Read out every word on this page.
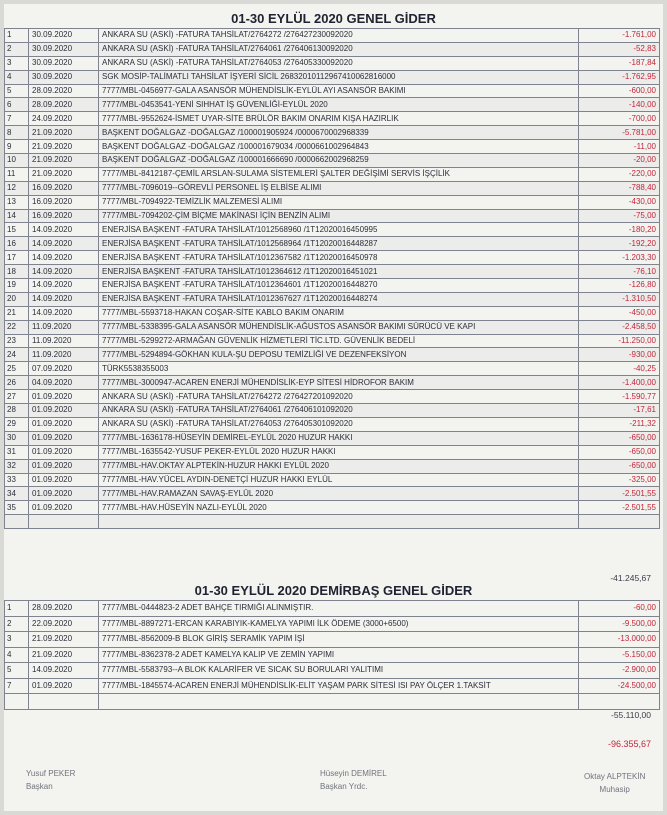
01-30 EYLÜL 2020 GENEL GİDER
1	30.09.2020	ANKARA SU (ASKİ) -FATURA TAHSİLAT/2764272 /276427230092020	-1.761,00
2	30.09.2020	ANKARA SU (ASKİ) -FATURA TAHSİLAT/2764061 /276406130092020	-52,83
3	30.09.2020	ANKARA SU (ASKİ) -FATURA TAHSİLAT/2764053 /276405330092020	-187,84
4	30.09.2020	SGK MOSİP-TALİMATLI TAHSİLAT İŞYERİ SİCİL 26832010112967410062816000	-1.762,95
5	28.09.2020	7777/MBL-0456977-GALA ASANSÖR MÜHENDİSLİK-EYLÜL AYI ASANSÖR BAKIMI	-600,00
6	28.09.2020	7777/MBL-0453541-YENİ SIHHAT İŞ GÜVENLİĞİ-EYLÜL 2020	-140,00
7	24.09.2020	7777/MBL-9552624-İSMET UYAR-SİTE BRÜLÖR BAKIM ONARIM KIŞA HAZIRLIK	-700,00
8	21.09.2020	BAŞKENT DOĞALGAZ -DOĞALGAZ /100001905924 /0000670002968339	-5.781,00
9	21.09.2020	BAŞKENT DOĞALGAZ -DOĞALGAZ /100001679034 /0000661002964843	-11,00
10	21.09.2020	BAŞKENT DOĞALGAZ -DOĞALGAZ /100001666690 /0000662002968259	-20,00
11	21.09.2020	7777/MBL-8412187-ÇEMİL ARSLAN-SULAMA SİSTEMLERİ ŞALTER DEĞİŞİMİ SERVİS İŞÇİLİK	-220,00
12	16.09.2020	7777/MBL-7096019--GÖREVLİ PERSONEL İŞ ELBİSE ALIMI	-788,40
13	16.09.2020	7777/MBL-7094922-TEMİZLİK MALZEMESİ ALIMI	-430,00
14	16.09.2020	7777/MBL-7094202-ÇİM BİÇME MAKİNASI İÇİN BENZİN ALIMI	-75,00
15	14.09.2020	ENERJİSA BAŞKENT -FATURA TAHSİLAT/1012568960 /1T12020016450995	-180,20
16	14.09.2020	ENERJİSA BAŞKENT -FATURA TAHSİLAT/1012568964 /1T12020016448287	-192,20
17	14.09.2020	ENERJİSA BAŞKENT -FATURA TAHSİLAT/1012367582 /1T12020016450978	-1.203,30
18	14.09.2020	ENERJİSA BAŞKENT -FATURA TAHSİLAT/1012364612 /1T12020016451021	-76,10
19	14.09.2020	ENERJİSA BAŞKENT -FATURA TAHSİLAT/1012364601 /1T12020016448270	-126,80
20	14.09.2020	ENERJİSA BAŞKENT -FATURA TAHSİLAT/1012367627 /1T12020016448274	-1.310,50
21	14.09.2020	7777/MBL-5593718-HAKAN COŞAR-SİTE KABLO BAKIM ONARIM	-450,00
22	11.09.2020	7777/MBL-5338395-GALA ASANSÖR MÜHENDİSLİK-AĞUSTOS ASANSÖR BAKIMI SÜRÜCÜ VE KAPI	-2.458,50
23	11.09.2020	7777/MBL-5299272-ARMAĞAN GÜVENLİK HİZMETLERİ TİC.LTD. GÜVENLİK BEDELİ	-11.250,00
24	11.09.2020	7777/MBL-5294894-GÖKHAN KULA-ŞU DEPOSU TEMİZLİĞİ VE DEZENFEKSİYON	-930,00
25	07.09.2020	TÜRK5538355003	-40,25
26	04.09.2020	7777/MBL-3000947-ACAREN ENERJİ MÜHENDİSLİK-EYP SİTESİ HİDROFOR BAKIM	-1.400,00
27	01.09.2020	ANKARA SU (ASKİ) -FATURA TAHSİLAT/2764272 /276427201092020	-1.590,77
28	01.09.2020	ANKARA SU (ASKİ) -FATURA TAHSİLAT/2764061 /276406101092020	-17,61
29	01.09.2020	ANKARA SU (ASKİ) -FATURA TAHSİLAT/2764053 /276405301092020	-211,32
30	01.09.2020	7777/MBL-1636178-HÜSEYİN DEMİREL-EYLÜL 2020 HUZUR HAKKI	-650,00
31	01.09.2020	7777/MBL-1635542-YUSUF PEKER-EYLÜL 2020 HUZUR HAKKI	-650,00
32	01.09.2020	7777/MBL-HAV.OKTAY ALPTEKİN-HUZUR HAKKI EYLÜL 2020	-650,00
33	01.09.2020	7777/MBL-HAV.YÜCEL AYDIN-DENETÇİ HUZUR HAKKI EYLÜL	-325,00
34	01.09.2020	7777/MBL-HAV.RAMAZAN SAVAŞ-EYLÜL 2020	-2.501,55
35	01.09.2020	7777/MBL-HAV.HÜSEYİN NAZLI-EYLÜL 2020	-2.501,55

-41.245,67
01-30 EYLÜL 2020 DEMİRBAŞ GENEL GİDER
1	28.09.2020	7777/MBL-0444823-2 ADET BAHÇE TIRMIĞI ALINMIŞTIR.	-60,00
2	22.09.2020	7777/MBL-8897271-ERCAN KARABIYIK-KAMELYA YAPIMI İLK ÖDEME (3000+6500)	-9.500,00
3	21.09.2020	7777/MBL-8562009-B BLOK GİRİŞ SERAMİK YAPIM İŞİ	-13.000,00
4	21.09.2020	7777/MBL-8362378-2 ADET KAMELYA KALIP VE ZEMİN YAPIMI	-5.150,00
5	14.09.2020	7777/MBL-5583793--A BLOK KALARİFER VE SICAK SU BORULARI YALITIMI	-2.900,00
7	01.09.2020	7777/MBL-1845574-ACAREN ENERJİ MÜHENDİSLİK-ELİT YAŞAM PARK SİTESİ ISI PAY ÖLÇER 1.TAKSİT	-24.500,00

-55.110,00
-96.355,67
Yusuf PEKER
Başkan
Hüseyin DEMİREL
Başkan Yrdc.
Oktay ALPTEKİN
Muhasip
